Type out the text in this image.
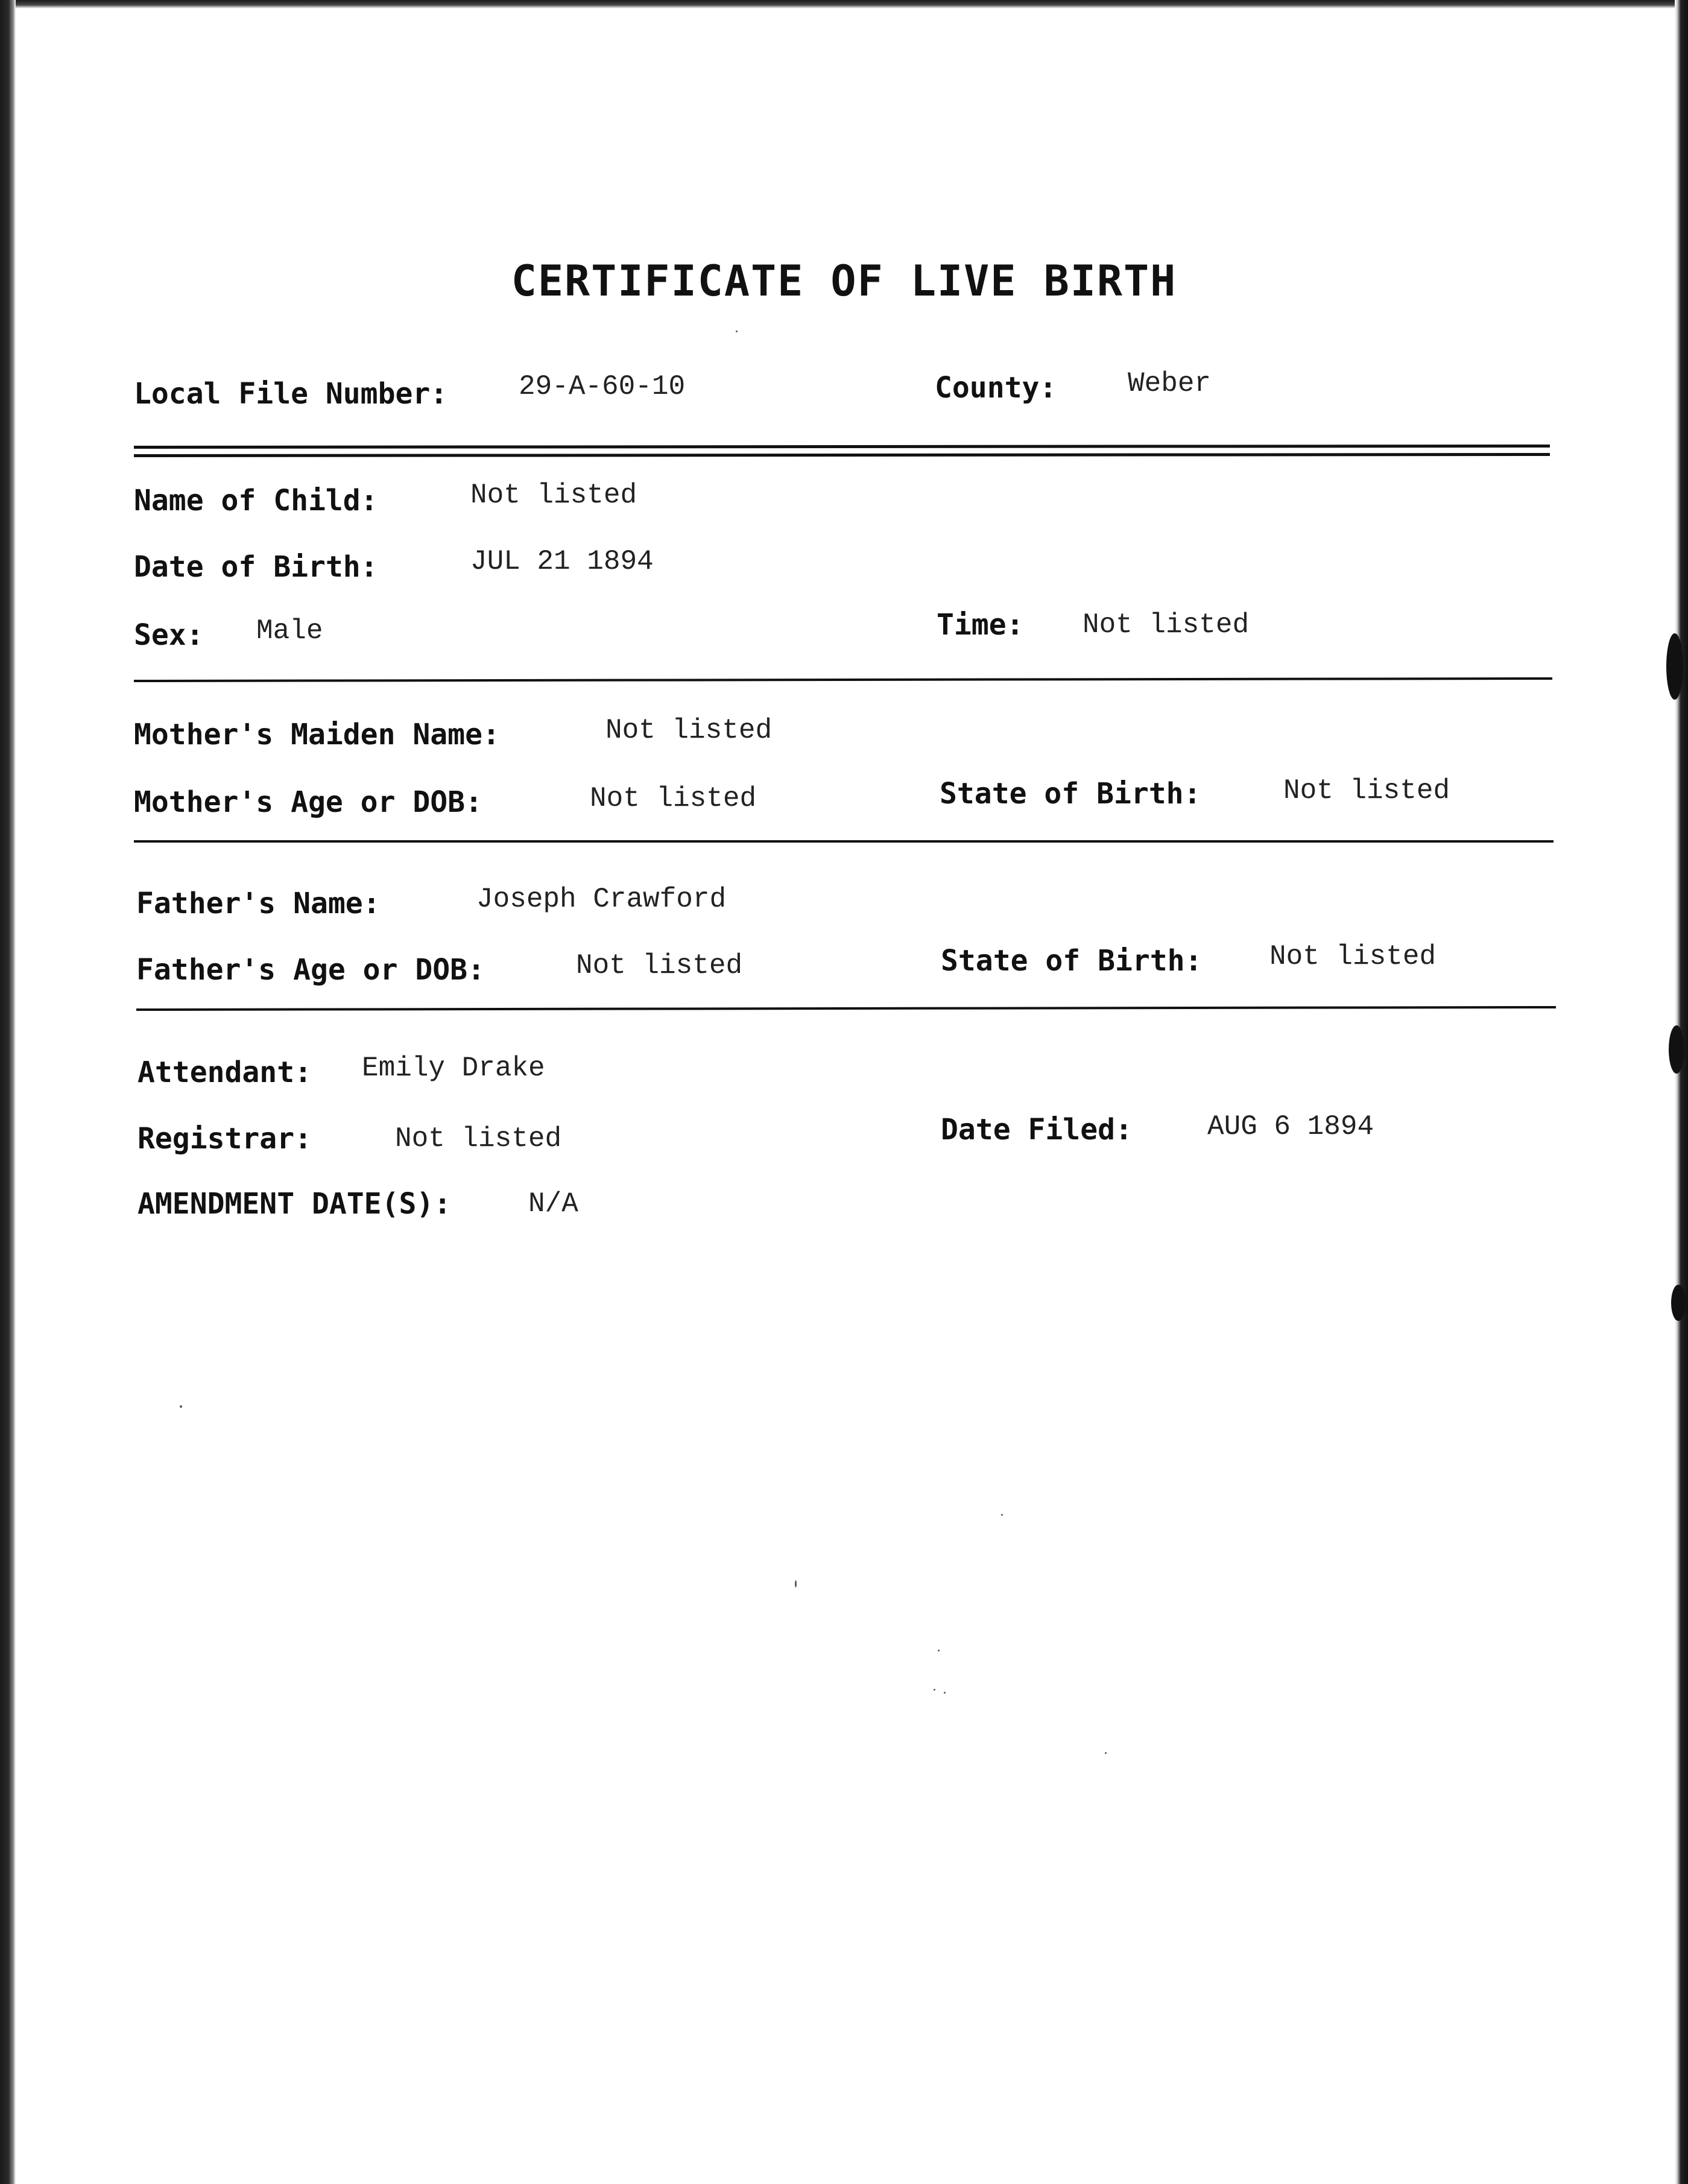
CERTIFICATE OF LIVE BIRTH
Local File Number:	29-A-60-10	County:	Weber
Name of Child:	Not listed
Date of Birth:	JUL 21 1894
Sex: Male	Time: Not listed
Mother's Maiden Name:	Not listed
Mother's Age or DOB:	Not listed	State of Birth:	Not listed
Father's Name:	Joseph Crawford
Father's Age or DOB:	Not listed	State of Birth: Not listed
Attendant: Emily Drake
Registrar:	Not listed	Date Filed:	AUG 6 1894
AMENDMENT DATE(S):	N/A
